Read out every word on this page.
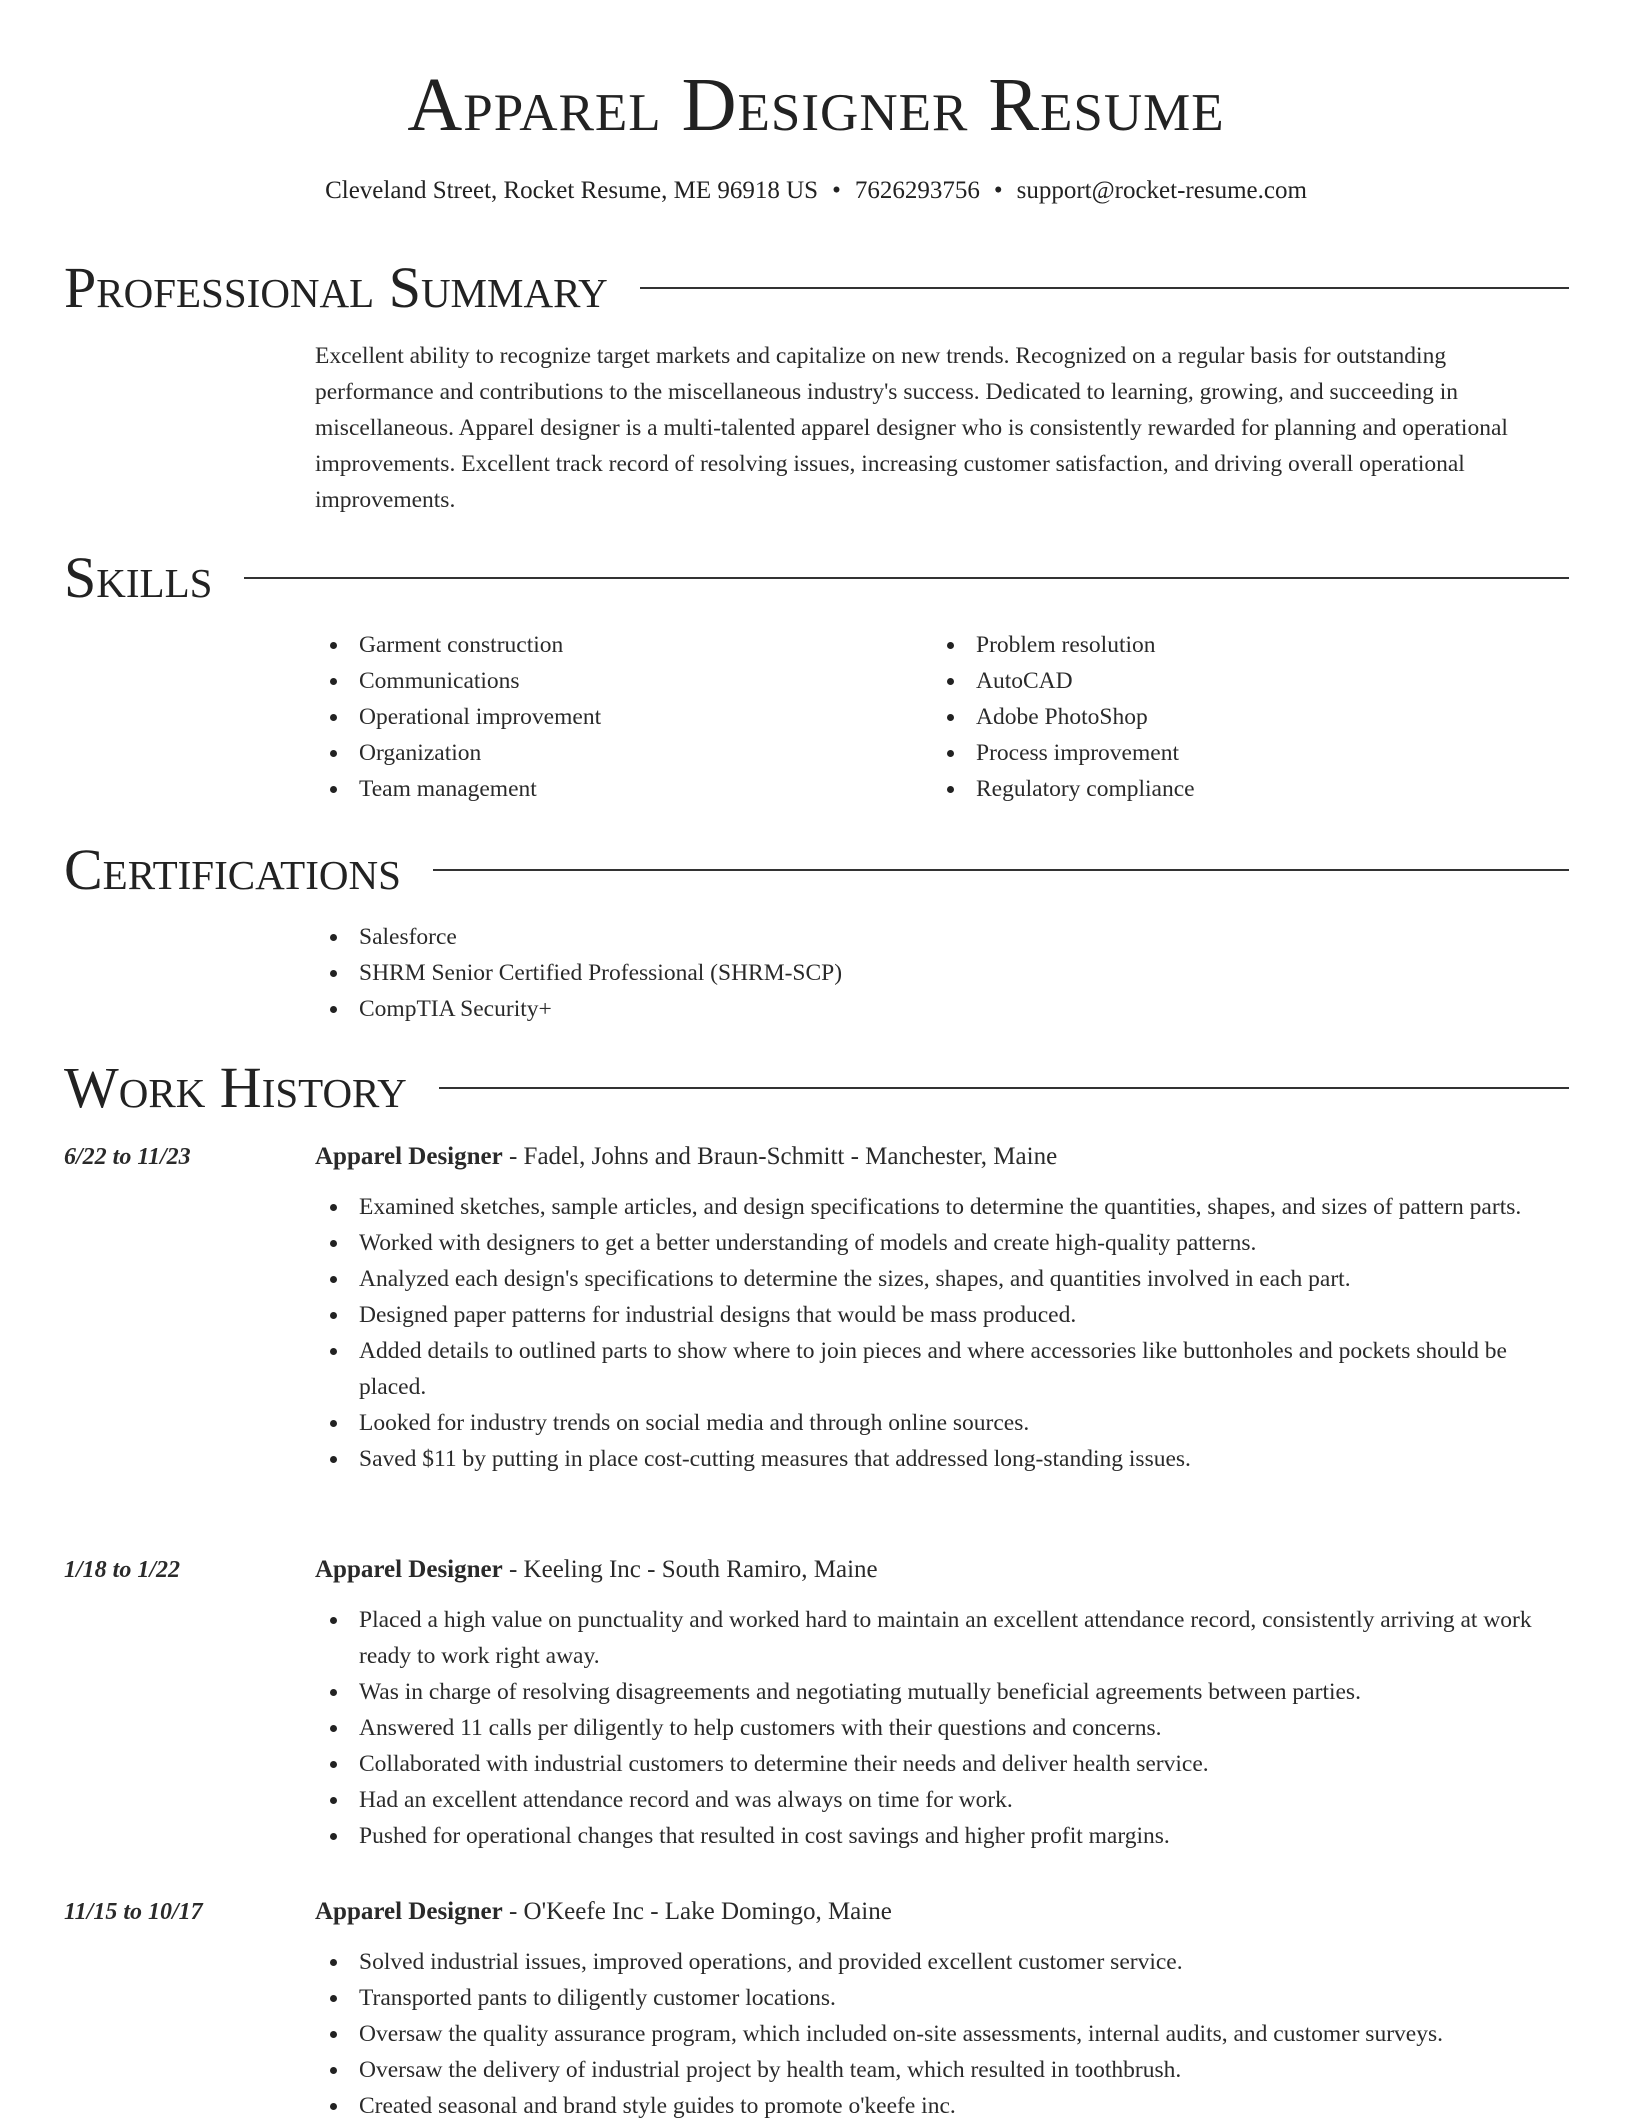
Apparel Designer Resume
Cleveland Street, Rocket Resume, ME 96918 US • 7626293756 • support@rocket-resume.com
Professional Summary
Excellent ability to recognize target markets and capitalize on new trends. Recognized on a regular basis for outstanding performance and contributions to the miscellaneous industry's success. Dedicated to learning, growing, and succeeding in miscellaneous. Apparel designer is a multi-talented apparel designer who is consistently rewarded for planning and operational improvements. Excellent track record of resolving issues, increasing customer satisfaction, and driving overall operational improvements.
Skills
Garment construction
Communications
Operational improvement
Organization
Team management
Problem resolution
AutoCAD
Adobe PhotoShop
Process improvement
Regulatory compliance
Certifications
Salesforce
SHRM Senior Certified Professional (SHRM-SCP)
CompTIA Security+
Work History
6/22 to 11/23	Apparel Designer - Fadel, Johns and Braun-Schmitt - Manchester, Maine
Examined sketches, sample articles, and design specifications to determine the quantities, shapes, and sizes of pattern parts.
Worked with designers to get a better understanding of models and create high-quality patterns.
Analyzed each design's specifications to determine the sizes, shapes, and quantities involved in each part.
Designed paper patterns for industrial designs that would be mass produced.
Added details to outlined parts to show where to join pieces and where accessories like buttonholes and pockets should be placed.
Looked for industry trends on social media and through online sources.
Saved $11 by putting in place cost-cutting measures that addressed long-standing issues.
1/18 to 1/22	Apparel Designer - Keeling Inc - South Ramiro, Maine
Placed a high value on punctuality and worked hard to maintain an excellent attendance record, consistently arriving at work ready to work right away.
Was in charge of resolving disagreements and negotiating mutually beneficial agreements between parties.
Answered 11 calls per diligently to help customers with their questions and concerns.
Collaborated with industrial customers to determine their needs and deliver health service.
Had an excellent attendance record and was always on time for work.
Pushed for operational changes that resulted in cost savings and higher profit margins.
11/15 to 10/17	Apparel Designer - O'Keefe Inc - Lake Domingo, Maine
Solved industrial issues, improved operations, and provided excellent customer service.
Transported pants to diligently customer locations.
Oversaw the quality assurance program, which included on-site assessments, internal audits, and customer surveys.
Oversaw the delivery of industrial project by health team, which resulted in toothbrush.
Created seasonal and brand style guides to promote o'keefe inc.
